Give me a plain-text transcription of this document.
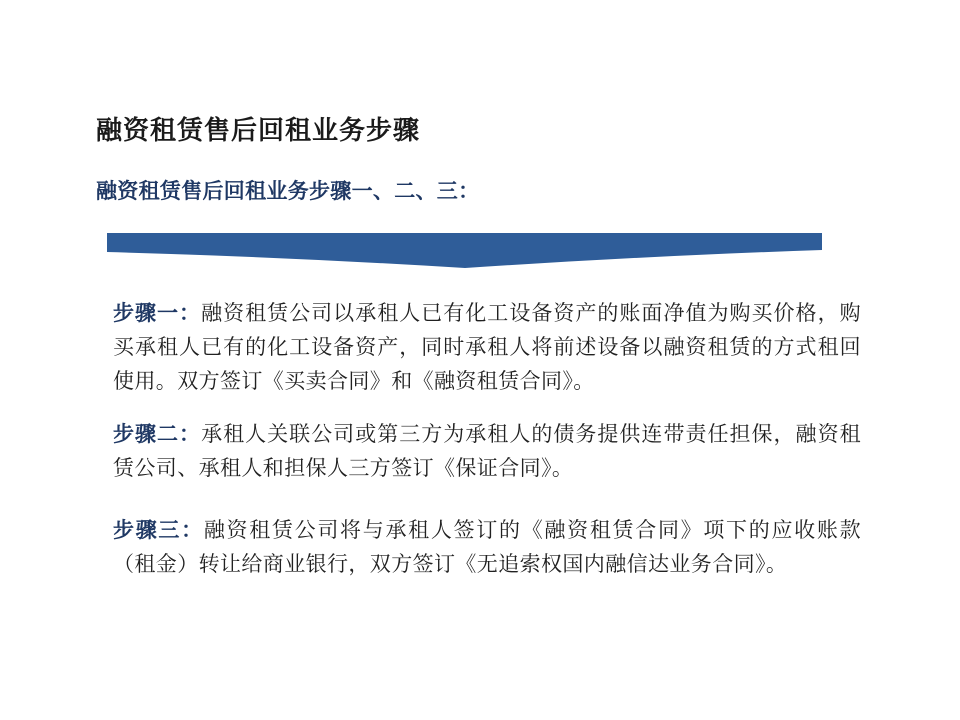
融资租赁售后回租业务步骤
融资租赁售后回租业务步骤一、二、三：

步骤一：融资租赁公司以承租人已有化工设备资产的账面净值为购买价格，购买承租人已有的化工设备资产，同时承租人将前述设备以融资租赁的方式租回使用。双方签订《买卖合同》和《融资租赁合同》。

步骤二：承租人关联公司或第三方为承租人的债务提供连带责任担保，融资租赁公司、承租人和担保人三方签订《保证合同》。

步骤三：融资租赁公司将与承租人签订的《融资租赁合同》项下的应收账款（租金）转让给商业银行，双方签订《无追索权国内融信达业务合同》。
